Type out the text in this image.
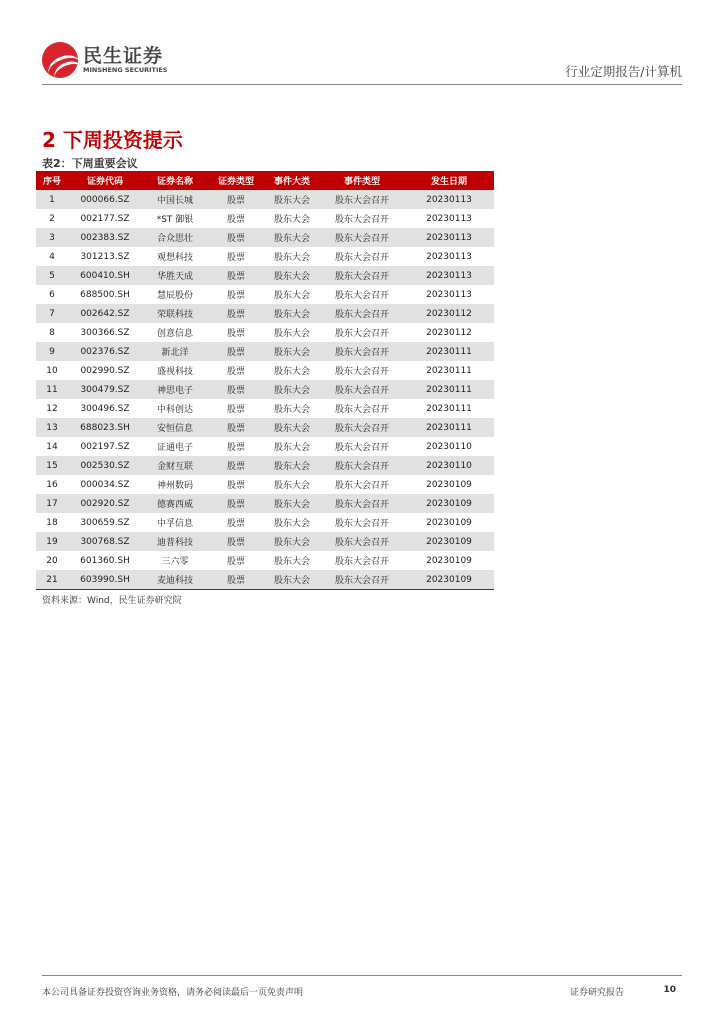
民生证券
MINSHENG SECURITIES	行业定期报告/计算机
2 下周投资提示
表2：下周重要会议
序号	证券代码	证券名称	证券类型	事件大类	事件类型	发生日期
1	000066.SZ	中国长城	股票	股东大会	股东大会召开	20230113
2	002177.SZ	*ST 御银	股票	股东大会	股东大会召开	20230113
3	002383.SZ	合众思壮	股票	股东大会	股东大会召开	20230113
4	301213.SZ	观想科技	股票	股东大会	股东大会召开	20230113
5	600410.SH	华胜天成	股票	股东大会	股东大会召开	20230113
6	688500.SH	慧辰股份	股票	股东大会	股东大会召开	20230113
7	002642.SZ	荣联科技	股票	股东大会	股东大会召开	20230112
8	300366.SZ	创意信息	股票	股东大会	股东大会召开	20230112
9	002376.SZ	新北洋	股票	股东大会	股东大会召开	20230111
10	002990.SZ	盛视科技	股票	股东大会	股东大会召开	20230111
11	300479.SZ	神思电子	股票	股东大会	股东大会召开	20230111
12	300496.SZ	中科创达	股票	股东大会	股东大会召开	20230111
13	688023.SH	安恒信息	股票	股东大会	股东大会召开	20230111
14	002197.SZ	证通电子	股票	股东大会	股东大会召开	20230110
15	002530.SZ	金财互联	股票	股东大会	股东大会召开	20230110
16	000034.SZ	神州数码	股票	股东大会	股东大会召开	20230109
17	002920.SZ	德赛西威	股票	股东大会	股东大会召开	20230109
18	300659.SZ	中孚信息	股票	股东大会	股东大会召开	20230109
19	300768.SZ	迪普科技	股票	股东大会	股东大会召开	20230109
20	601360.SH	三六零	股票	股东大会	股东大会召开	20230109
21	603990.SH	麦迪科技	股票	股东大会	股东大会召开	20230109
资料来源：Wind，民生证券研究院
本公司具备证券投资咨询业务资格，请务必阅读最后一页免责声明	证券研究报告	10
